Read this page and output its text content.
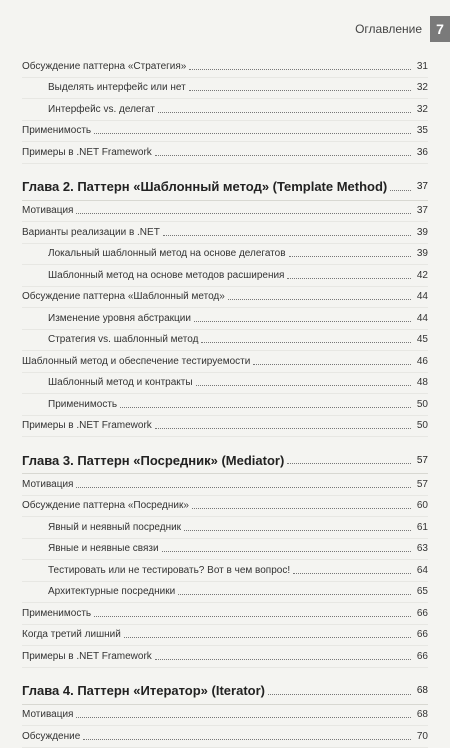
Оглавление	7
Обсуждение паттерна «Стратегия»	31
Выделять интерфейс или нет	32
Интерфейс vs. делегат	32
Применимость	35
Примеры в .NET Framework	36
Глава 2. Паттерн «Шаблонный метод» (Template Method)	37
Мотивация	37
Варианты реализации в .NET	39
Локальный шаблонный метод на основе делегатов	39
Шаблонный метод на основе методов расширения	42
Обсуждение паттерна «Шаблонный метод»	44
Изменение уровня абстракции	44
Стратегия vs. шаблонный метод	45
Шаблонный метод и обеспечение тестируемости	46
Шаблонный метод и контракты	48
Применимость	50
Примеры в .NET Framework	50
Глава 3. Паттерн «Посредник» (Mediator)	57
Мотивация	57
Обсуждение паттерна «Посредник»	60
Явный и неявный посредник	61
Явные и неявные связи	63
Тестировать или не тестировать? Вот в чем вопрос!	64
Архитектурные посредники	65
Применимость	66
Когда третий лишний	66
Примеры в .NET Framework	66
Глава 4. Паттерн «Итератор» (Iterator)	68
Мотивация	68
Обсуждение	70
